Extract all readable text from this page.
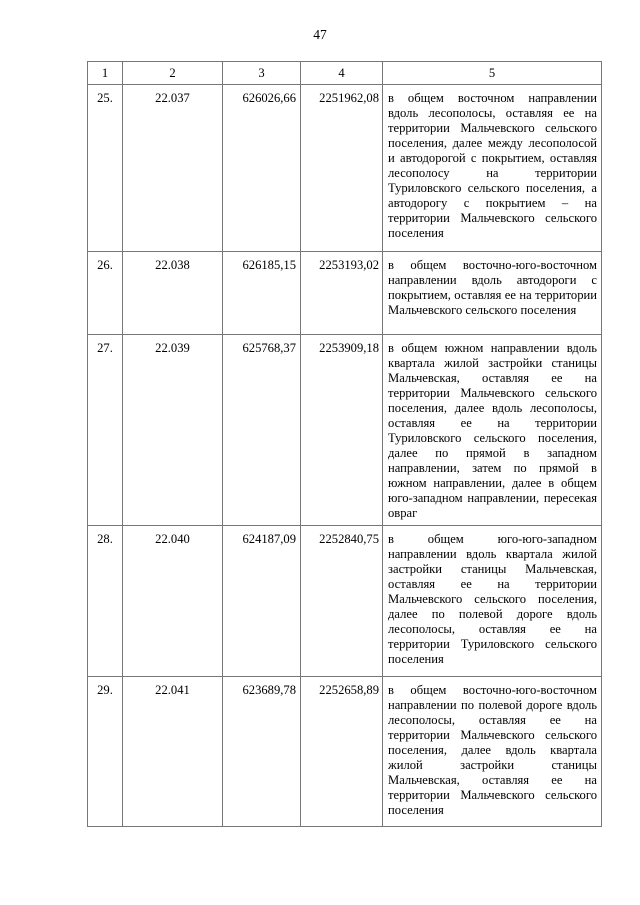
47
1	2	3	4	5
25.	22.037	626026,66	2251962,08	в общем восточном направлении вдоль лесополосы, оставляя ее на территории Мальчевского сельского поселения, далее между лесополосой и автодорогой с покрытием, оставляя лесополосу на территории Туриловского сельского поселения, а автодорогу с покрытием – на территории Мальчевского сельского поселения

26.	22.038	626185,15	2253193,02	в общем восточно-юго-восточном направлении вдоль автодороги с покрытием, оставляя ее на территории Мальчевского сельского поселения

27.	22.039	625768,37	2253909,18	в общем южном направлении вдоль квартала жилой застройки станицы Мальчевская, оставляя ее на территории Мальчевского сельского поселения, далее вдоль лесополосы, оставляя ее на территории Туриловского сельского поселения, далее по прямой в западном направлении, затем по прямой в южном направлении, далее в общем юго-западном направлении, пересекая овраг

28.	22.040	624187,09	2252840,75	в общем юго-юго-западном направлении вдоль квартала жилой застройки станицы Мальчевская, оставляя ее на территории Мальчевского сельского поселения, далее по полевой дороге вдоль лесополосы, оставляя ее на территории Туриловского сельского поселения

29.	22.041	623689,78	2252658,89	в общем восточно-юго-восточном направлении по полевой дороге вдоль лесополосы, оставляя ее на территории Мальчевского сельского поселения, далее вдоль квартала жилой застройки станицы Мальчевская, оставляя ее на территории Мальчевского сельского поселения
